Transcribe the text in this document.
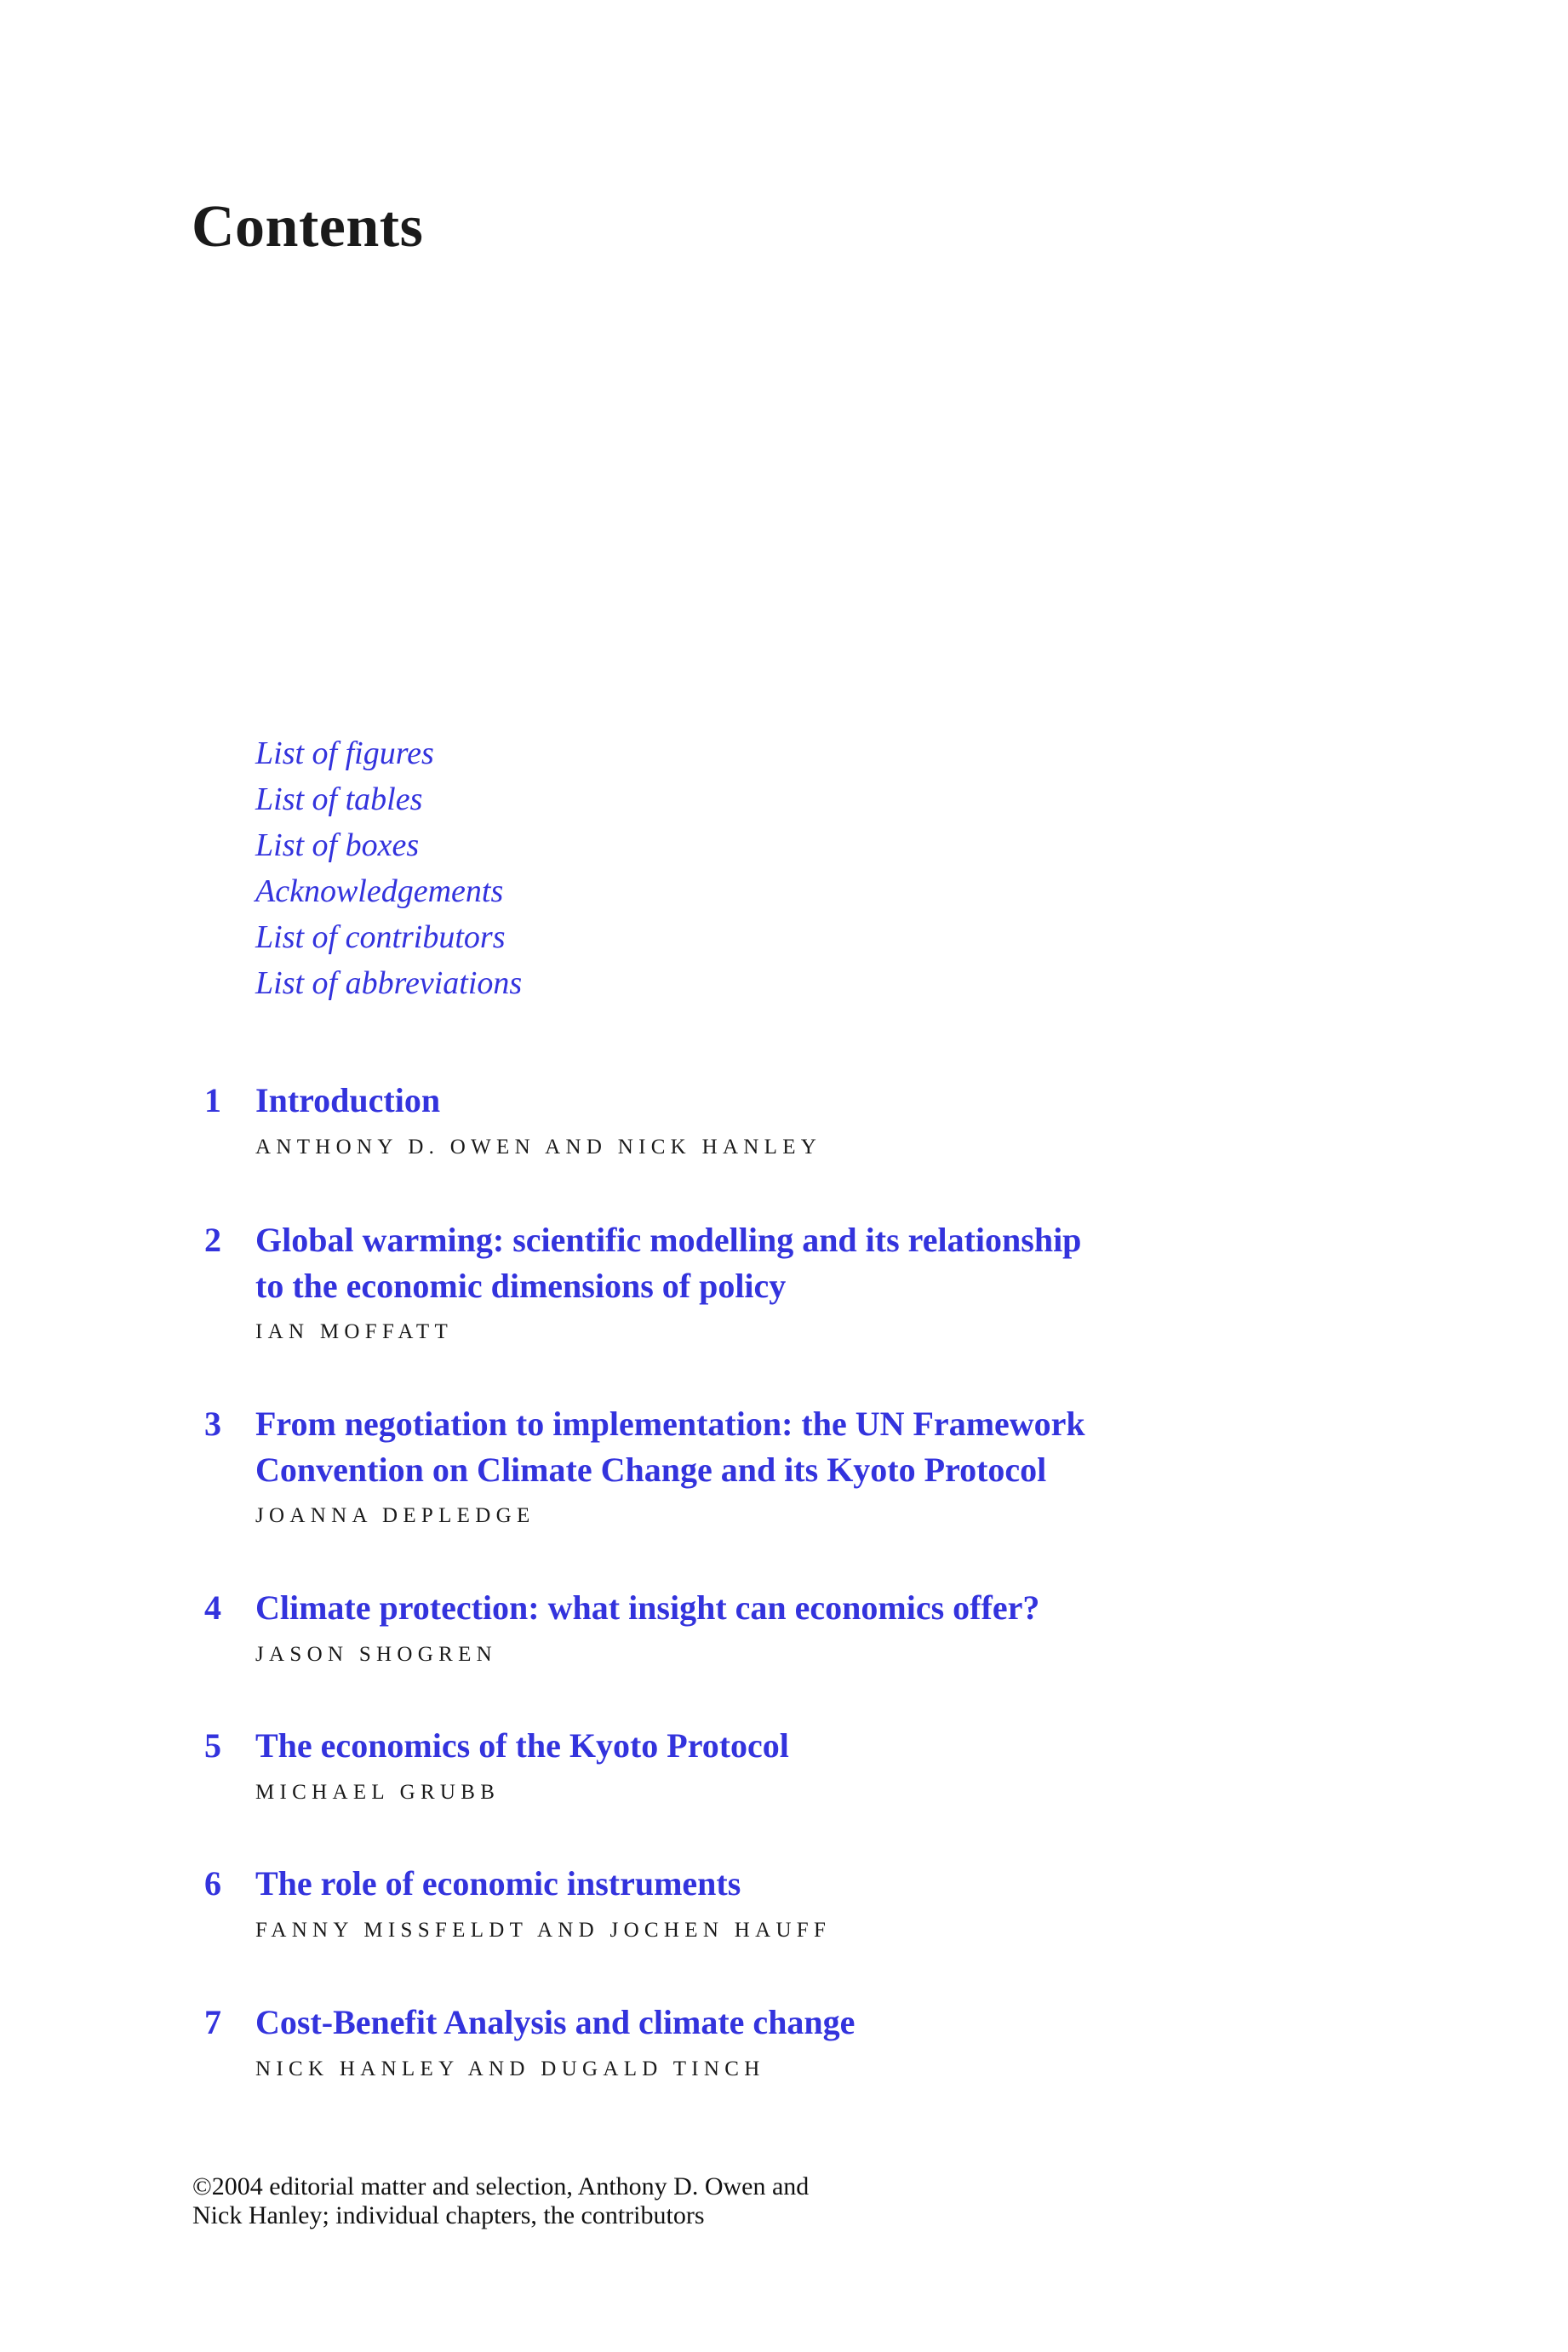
Contents
List of figures
List of tables
List of boxes
Acknowledgements
List of contributors
List of abbreviations
1	Introduction
ANTHONY D. OWEN AND NICK HANLEY
2	Global warming: scientific modelling and its relationship
to the economic dimensions of policy
IAN MOFFATT
3	From negotiation to implementation: the UN Framework
Convention on Climate Change and its Kyoto Protocol
JOANNA DEPLEDGE
4	Climate protection: what insight can economics offer?
JASON SHOGREN
5	The economics of the Kyoto Protocol
MICHAEL GRUBB
6	The role of economic instruments
FANNY MISSFELDT AND JOCHEN HAUFF
7	Cost-Benefit Analysis and climate change
NICK HANLEY AND DUGALD TINCH
©2004 editorial matter and selection, Anthony D. Owen and
Nick Hanley; individual chapters, the contributors
